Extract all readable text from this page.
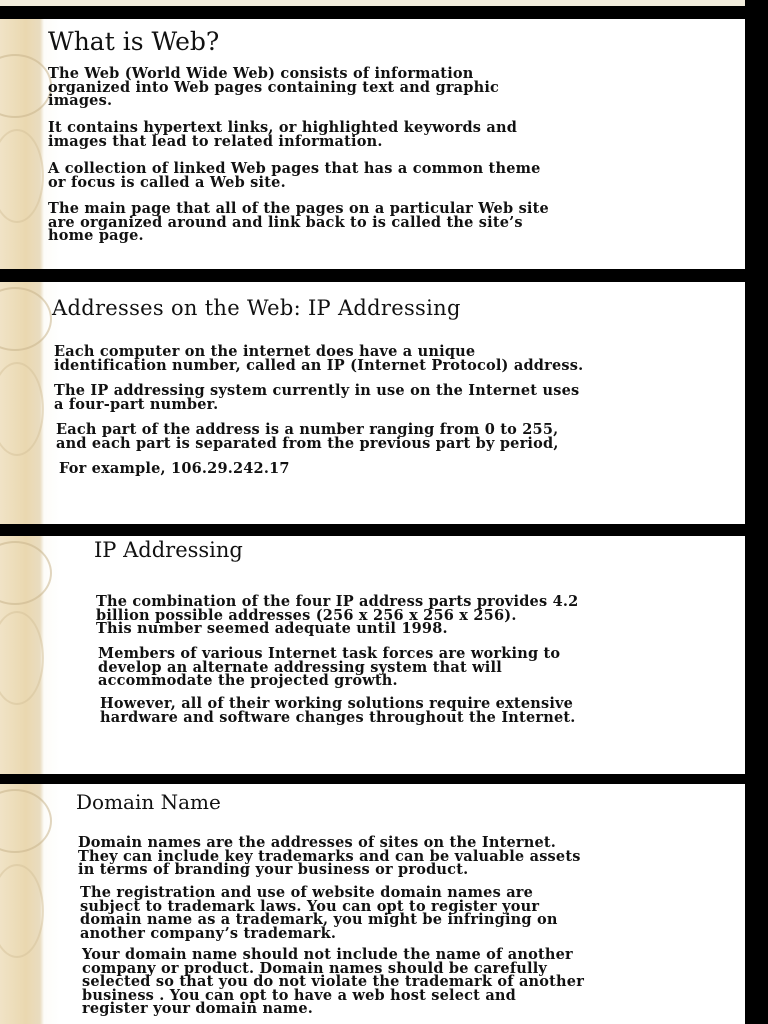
What is Web?

The Web (World Wide Web) consists of information
organized into Web pages containing text and graphic
images.

It contains hypertext links, or highlighted keywords and
images that lead to related information.

A collection of linked Web pages that has a common theme
or focus is called a Web site.

The main page that all of the pages on a particular Web site
are organized around and link back to is called the site’s
home page.

Addresses on the Web: IP Addressing

Each computer on the internet does have a unique
identification number, called an IP (Internet Protocol) address.

The IP addressing system currently in use on the Internet uses
a four-part number.

Each part of the address is a number ranging from 0 to 255,
and each part is separated from the previous part by period,

For example, 106.29.242.17

IP Addressing

The combination of the four IP address parts provides 4.2
billion possible addresses (256 x 256 x 256 x 256).
This number seemed adequate until 1998.

Members of various Internet task forces are working to
develop an alternate addressing system that will
accommodate the projected growth.

However, all of their working solutions require extensive
hardware and software changes throughout the Internet.

Domain Name

Domain names are the addresses of sites on the Internet.
They can include key trademarks and can be valuable assets
in terms of branding your business or product.

The registration and use of website domain names are
subject to trademark laws. You can opt to register your
domain name as a trademark, you might be infringing on
another company’s trademark.

Your domain name should not include the name of another
company or product. Domain names should be carefully
selected so that you do not violate the trademark of another
business . You can opt to have a web host select and
register your domain name.
